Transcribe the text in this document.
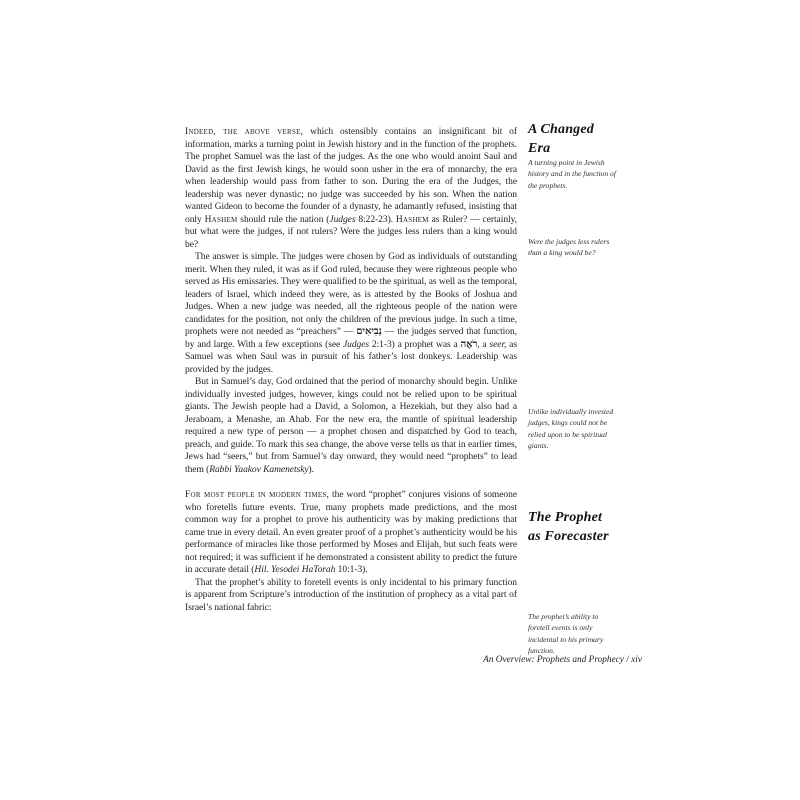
Indeed, the above verse, which ostensibly contains an insignificant bit of information, marks a turning point in Jewish history and in the function of the prophets. The prophet Samuel was the last of the judges. As the one who would anoint Saul and David as the first Jewish kings, he would soon usher in the era of monarchy, the era when leadership would pass from father to son. During the era of the Judges, the leadership was never dynastic; no judge was succeeded by his son. When the nation wanted Gideon to become the founder of a dynasty, he adamantly refused, insisting that only Hashem should rule the nation (Judges 8:22-23). Hashem as Ruler? — certainly, but what were the judges, if not rulers? Were the judges less rulers than a king would be?

The answer is simple. The judges were chosen by God as individuals of outstanding merit. When they ruled, it was as if God ruled, because they were righteous people who served as His emissaries. They were qualified to be the spiritual, as well as the temporal, leaders of Israel, which indeed they were, as is attested by the Books of Joshua and Judges. When a new judge was needed, all the righteous people of the nation were candidates for the position, not only the children of the previous judge. In such a time, prophets were not needed as “preachers” — נְבִיאִים — the judges served that function, by and large. With a few exceptions (see Judges 2:1-3) a prophet was a רֹאֶה, a seer, as Samuel was when Saul was in pursuit of his father’s lost donkeys. Leadership was provided by the judges.

But in Samuel’s day, God ordained that the period of monarchy should begin. Unlike individually invested judges, however, kings could not be relied upon to be spiritual giants. The Jewish people had a David, a Solomon, a Hezekiah, but they also had a Jeraboam, a Menashe, an Ahab. For the new era, the mantle of spiritual leadership required a new type of person — a prophet chosen and dispatched by God to teach, preach, and guide. To mark this sea change, the above verse tells us that in earlier times, Jews had “seers,” but from Samuel’s day onward, they would need “prophets” to lead them (Rabbi Yaakov Kamenetsky).

For most people in modern times, the word “prophet” conjures visions of someone who foretells future events. True, many prophets made predictions, and the most common way for a prophet to prove his authenticity was by making predictions that came true in every detail. An even greater proof of a prophet’s authenticity would be his performance of miracles like those performed by Moses and Elijah, but such feats were not required; it was sufficient if he demonstrated a consistent ability to predict the future in accurate detail (Hil. Yesodei HaTorah 10:1-3).

That the prophet’s ability to foretell events is only incidental to his primary function is apparent from Scripture’s introduction of the institution of prophecy as a vital part of Israel’s national fabric:

A Changed Era

A turning point in Jewish history and in the function of the prophets.

Were the judges less rulers than a king would be?

Unlike individually invested judges, kings could not be relied upon to be spiritual giants.

The Prophet as Forecaster

The prophet’s ability to foretell events is only incidental to his primary function.

An Overview: Prophets and Prophecy / xiv
